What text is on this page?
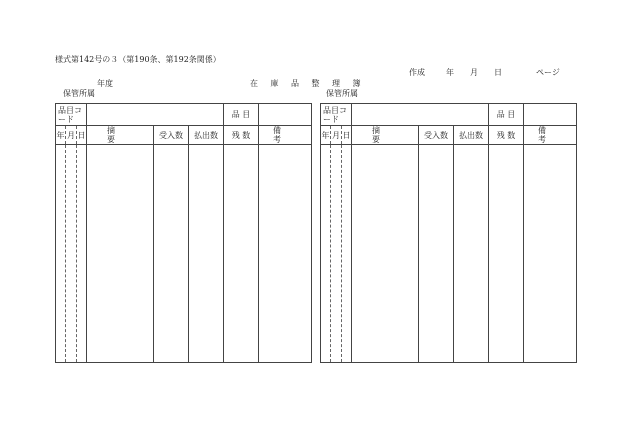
様式第142号の３（第190条、第192条関係）
作成	年 月 日	ページ
年度	在庫品整理簿
保管所属	保管所属
品目コード						品 目	
年	月	日	摘 要	受入数	払出数	残 数	備 考

品目コード						品 目	
年	月	日	摘 要	受入数	払出数	残 数	備 考
